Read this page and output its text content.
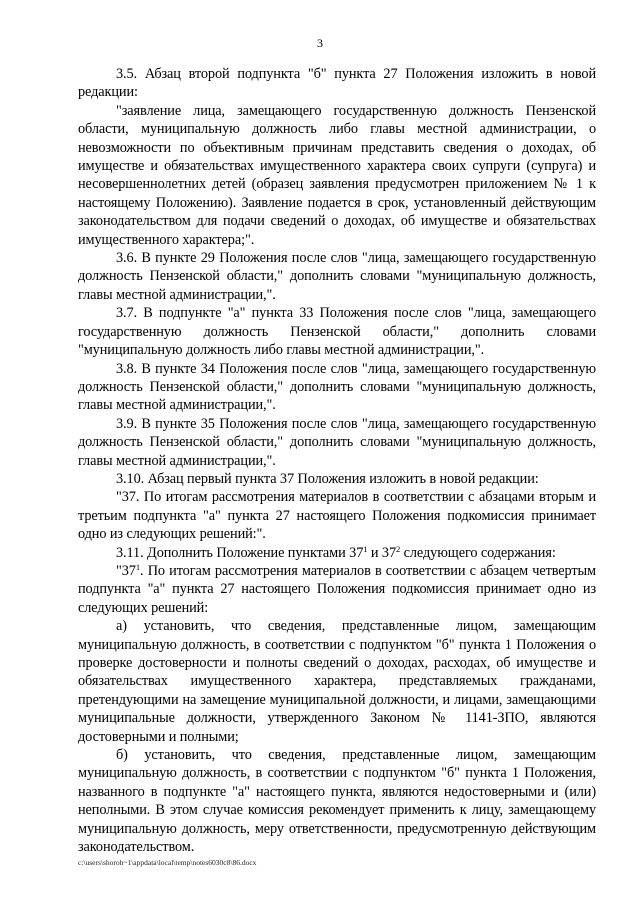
3

3.5. Абзац второй подпункта "б" пункта 27 Положения изложить в новой редакции:

"заявление лица, замещающего государственную должность Пензенской области, муниципальную должность либо главы местной администрации, о невозможности по объективным причинам представить сведения о доходах, об имуществе и обязательствах имущественного характера своих супруги (супруга) и несовершеннолетних детей (образец заявления предусмотрен приложением № 1 к настоящему Положению). Заявление подается в срок, установленный действующим законодательством для подачи сведений о доходах, об имуществе и обязательствах имущественного характера;".

3.6. В пункте 29 Положения после слов "лица, замещающего государственную должность Пензенской области," дополнить словами "муниципальную должность, главы местной администрации,".

3.7. В подпункте "а" пункта 33 Положения после слов "лица, замещающего государственную должность Пензенской области," дополнить словами "муниципальную должность либо главы местной администрации,".

3.8. В пункте 34 Положения после слов "лица, замещающего государственную должность Пензенской области," дополнить словами "муниципальную должность, главы местной администрации,".

3.9. В пункте 35 Положения после слов "лица, замещающего государственную должность Пензенской области," дополнить словами "муниципальную должность, главы местной администрации,".

3.10. Абзац первый пункта 37 Положения изложить в новой редакции:

"37. По итогам рассмотрения материалов в соответствии с абзацами вторым и третьим подпункта "а" пункта 27 настоящего Положения подкомиссия принимает одно из следующих решений:".

3.11. Дополнить Положение пунктами $37^1$ и $37^2$ следующего содержания:

"$37^1$. По итогам рассмотрения материалов в соответствии с абзацем четвертым подпункта "а" пункта 27 настоящего Положения подкомиссия принимает одно из следующих решений:

а) установить, что сведения, представленные лицом, замещающим муниципальную должность, в соответствии с подпунктом "б" пункта 1 Положения о проверке достоверности и полноты сведений о доходах, расходах, об имуществе и обязательствах имущественного характера, представляемых гражданами, претендующими на замещение муниципальной должности, и лицами, замещающими муниципальные должности, утвержденного Законом № 1141-ЗПО, являются достоверными и полными;

б) установить, что сведения, представленные лицом, замещающим муниципальную должность, в соответствии с подпунктом "б" пункта 1 Положения, названного в подпункте "а" настоящего пункта, являются недостоверными и (или) неполными. В этом случае комиссия рекомендует применить к лицу, замещающему муниципальную должность, меру ответственности, предусмотренную действующим законодательством.

c:\users\shoroh~1\appdata\local\temp\notes6030c8\86.docx
